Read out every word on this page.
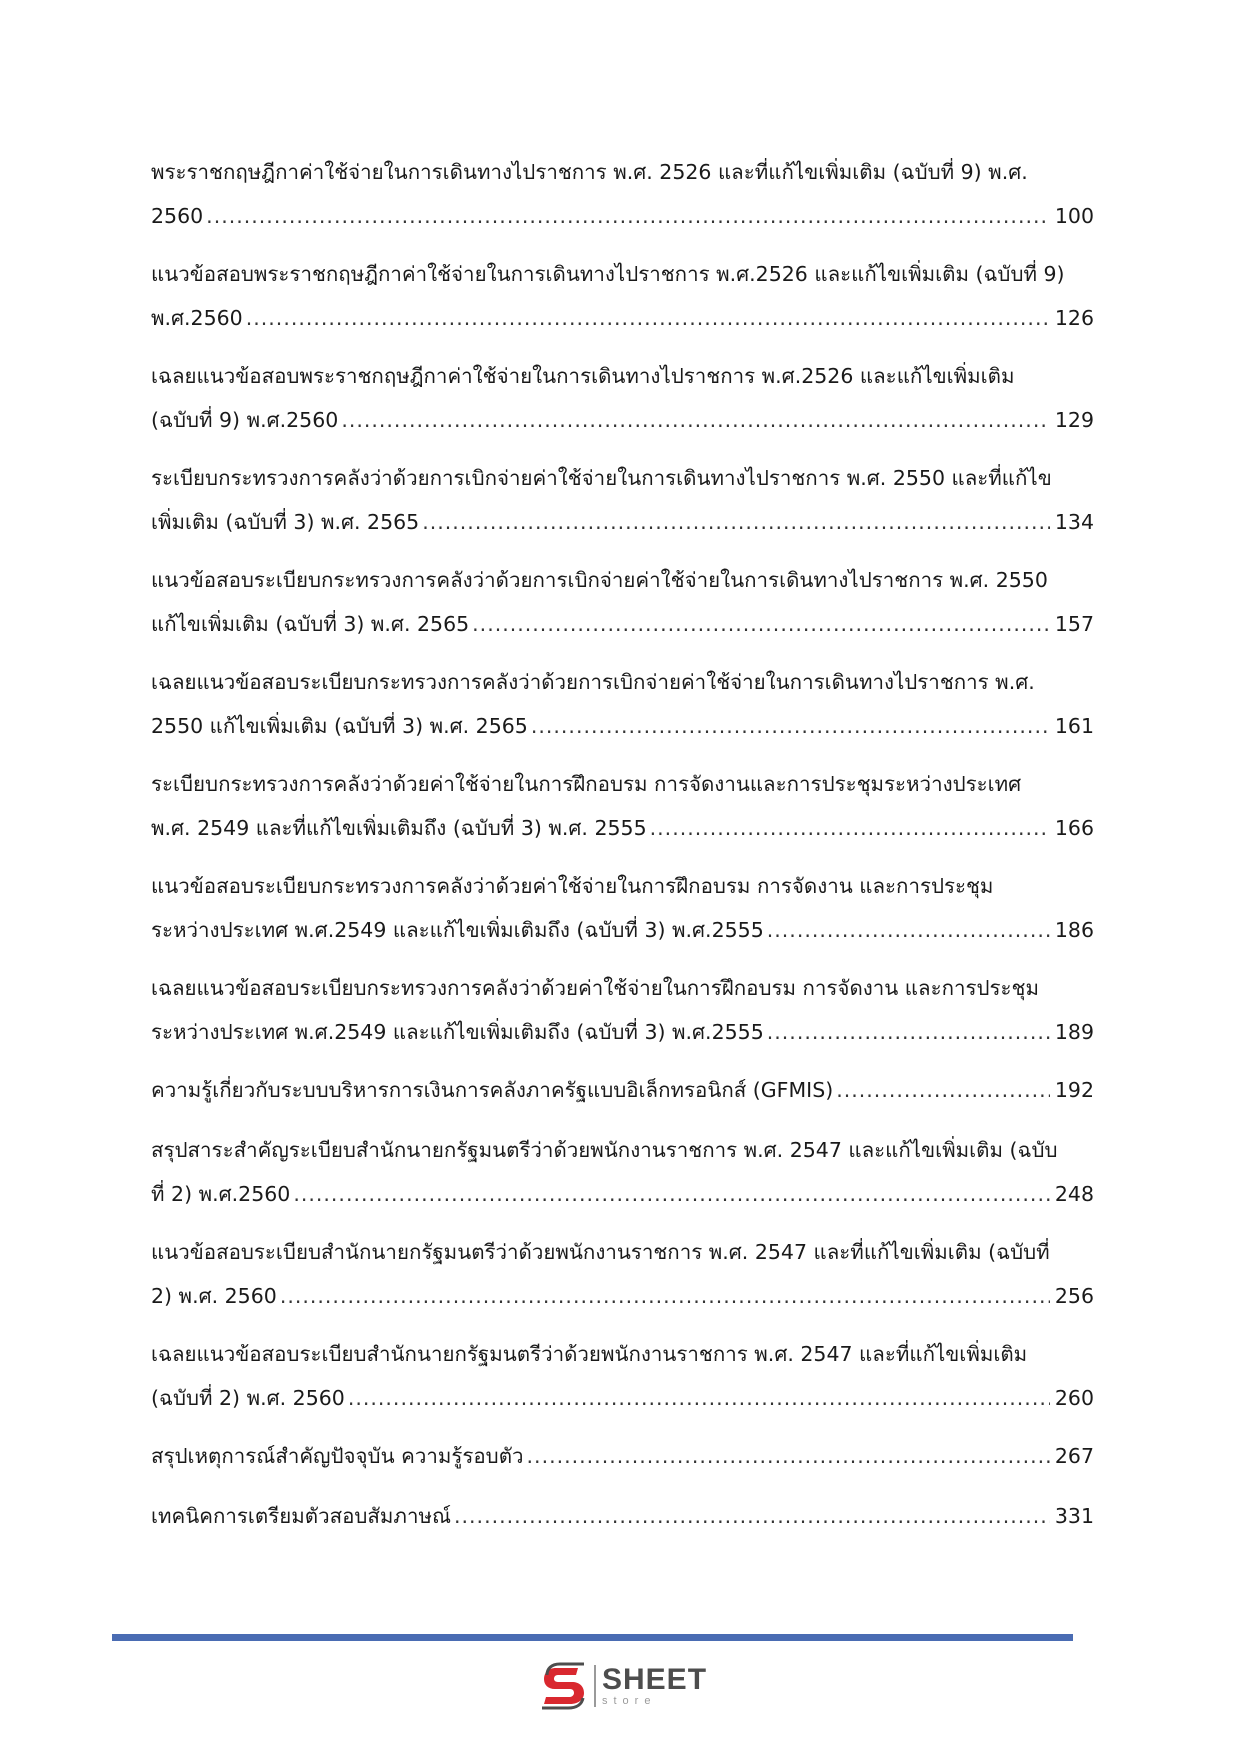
พระราชกฤษฎีกาค่าใช้จ่ายในการเดินทางไปราชการ พ.ศ. 2526 และที่แก้ไขเพิ่มเติม (ฉบับที่ 9) พ.ศ.
2560 .....	100
แนวข้อสอบพระราชกฤษฎีกาค่าใช้จ่ายในการเดินทางไปราชการ พ.ศ.2526 และแก้ไขเพิ่มเติม (ฉบับที่ 9)
พ.ศ.2560 .....	126
เฉลยแนวข้อสอบพระราชกฤษฎีกาค่าใช้จ่ายในการเดินทางไปราชการ พ.ศ.2526 และแก้ไขเพิ่มเติม
(ฉบับที่ 9) พ.ศ.2560 .....	129
ระเบียบกระทรวงการคลังว่าด้วยการเบิกจ่ายค่าใช้จ่ายในการเดินทางไปราชการ พ.ศ. 2550 และที่แก้ไข
เพิ่มเติม (ฉบับที่ 3) พ.ศ. 2565 .....	134
แนวข้อสอบระเบียบกระทรวงการคลังว่าด้วยการเบิกจ่ายค่าใช้จ่ายในการเดินทางไปราชการ พ.ศ. 2550
แก้ไขเพิ่มเติม (ฉบับที่ 3) พ.ศ. 2565 .....	157
เฉลยแนวข้อสอบระเบียบกระทรวงการคลังว่าด้วยการเบิกจ่ายค่าใช้จ่ายในการเดินทางไปราชการ พ.ศ.
2550 แก้ไขเพิ่มเติม (ฉบับที่ 3) พ.ศ. 2565 .....	161
ระเบียบกระทรวงการคลังว่าด้วยค่าใช้จ่ายในการฝึกอบรม การจัดงานและการประชุมระหว่างประเทศ
พ.ศ. 2549 และที่แก้ไขเพิ่มเติมถึง (ฉบับที่ 3) พ.ศ. 2555 .....	166
แนวข้อสอบระเบียบกระทรวงการคลังว่าด้วยค่าใช้จ่ายในการฝึกอบรม การจัดงาน และการประชุม
ระหว่างประเทศ พ.ศ.2549 และแก้ไขเพิ่มเติมถึง (ฉบับที่ 3) พ.ศ.2555 .....	186
เฉลยแนวข้อสอบระเบียบกระทรวงการคลังว่าด้วยค่าใช้จ่ายในการฝึกอบรม การจัดงาน และการประชุม
ระหว่างประเทศ พ.ศ.2549 และแก้ไขเพิ่มเติมถึง (ฉบับที่ 3) พ.ศ.2555 .....	189
ความรู้เกี่ยวกับระบบบริหารการเงินการคลังภาครัฐแบบอิเล็กทรอนิกส์ (GFMIS) .....	192
สรุปสาระสำคัญระเบียบสำนักนายกรัฐมนตรีว่าด้วยพนักงานราชการ พ.ศ. 2547 และแก้ไขเพิ่มเติม (ฉบับ
ที่ 2) พ.ศ.2560 .....	248
แนวข้อสอบระเบียบสำนักนายกรัฐมนตรีว่าด้วยพนักงานราชการ พ.ศ. 2547 และที่แก้ไขเพิ่มเติม (ฉบับที่
2) พ.ศ. 2560 .....	256
เฉลยแนวข้อสอบระเบียบสำนักนายกรัฐมนตรีว่าด้วยพนักงานราชการ พ.ศ. 2547 และที่แก้ไขเพิ่มเติม
(ฉบับที่ 2) พ.ศ. 2560 .....	260
สรุปเหตุการณ์สำคัญปัจจุบัน ความรู้รอบตัว .....	267
เทคนิคการเตรียมตัวสอบสัมภาษณ์ .....	331
SHEET
store
